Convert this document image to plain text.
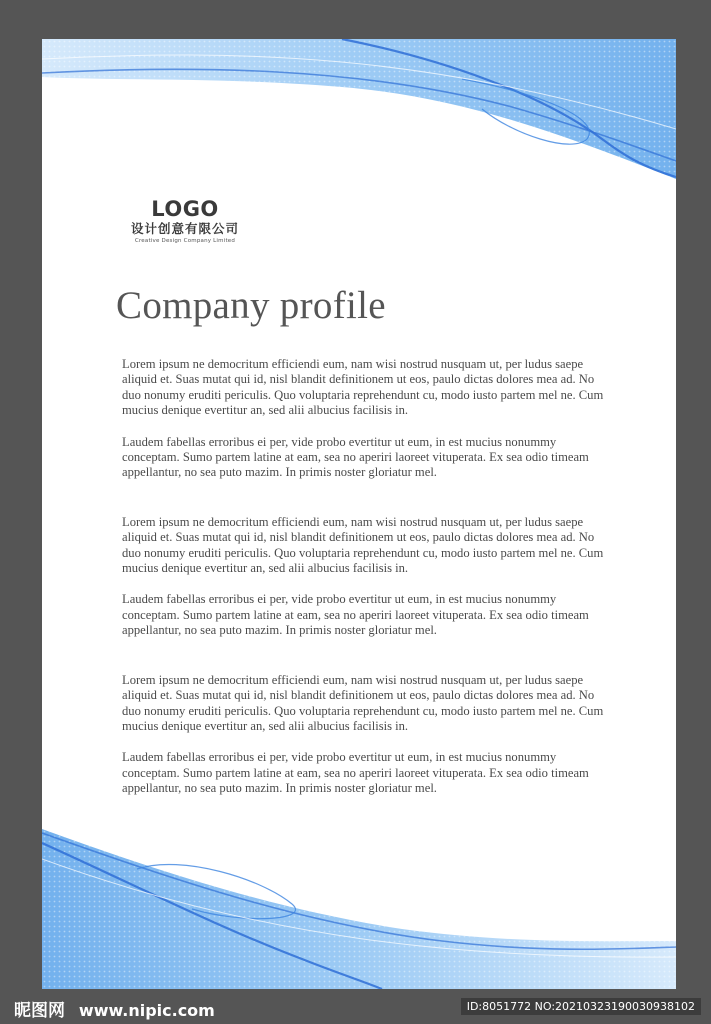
LOGO
设计创意有限公司
Creative Design Company Limited
Company profile

Lorem ipsum ne democritum efficiendi eum, nam wisi nostrud nusquam ut, per ludus saepe aliquid et. Suas mutat qui id, nisl blandit definitionem ut eos, paulo dictas dolores mea ad. No duo nonumy eruditi periculis. Quo voluptaria reprehendunt cu, modo iusto partem mel ne. Cum mucius denique evertitur an, sed alii albucius facilisis in.

Laudem fabellas erroribus ei per, vide probo evertitur ut eum, in est mucius nonummy conceptam. Sumo partem latine at eam, sea no aperiri laoreet vituperata. Ex sea odio timeam appellantur, no sea puto mazim. In primis noster gloriatur mel.

Lorem ipsum ne democritum efficiendi eum, nam wisi nostrud nusquam ut, per ludus saepe aliquid et. Suas mutat qui id, nisl blandit definitionem ut eos, paulo dictas dolores mea ad. No duo nonumy eruditi periculis. Quo voluptaria reprehendunt cu, modo iusto partem mel ne. Cum mucius denique evertitur an, sed alii albucius facilisis in.

Laudem fabellas erroribus ei per, vide probo evertitur ut eum, in est mucius nonummy conceptam. Sumo partem latine at eam, sea no aperiri laoreet vituperata. Ex sea odio timeam appellantur, no sea puto mazim. In primis noster gloriatur mel.

Lorem ipsum ne democritum efficiendi eum, nam wisi nostrud nusquam ut, per ludus saepe aliquid et. Suas mutat qui id, nisl blandit definitionem ut eos, paulo dictas dolores mea ad. No duo nonumy eruditi periculis. Quo voluptaria reprehendunt cu, modo iusto partem mel ne. Cum mucius denique evertitur an, sed alii albucius facilisis in.

Laudem fabellas erroribus ei per, vide probo evertitur ut eum, in est mucius nonummy conceptam. Sumo partem latine at eam, sea no aperiri laoreet vituperata. Ex sea odio timeam appellantur, no sea puto mazim. In primis noster gloriatur mel.

昵图网 www.nipic.com	ID:8051772 NO:20210323190030938102
